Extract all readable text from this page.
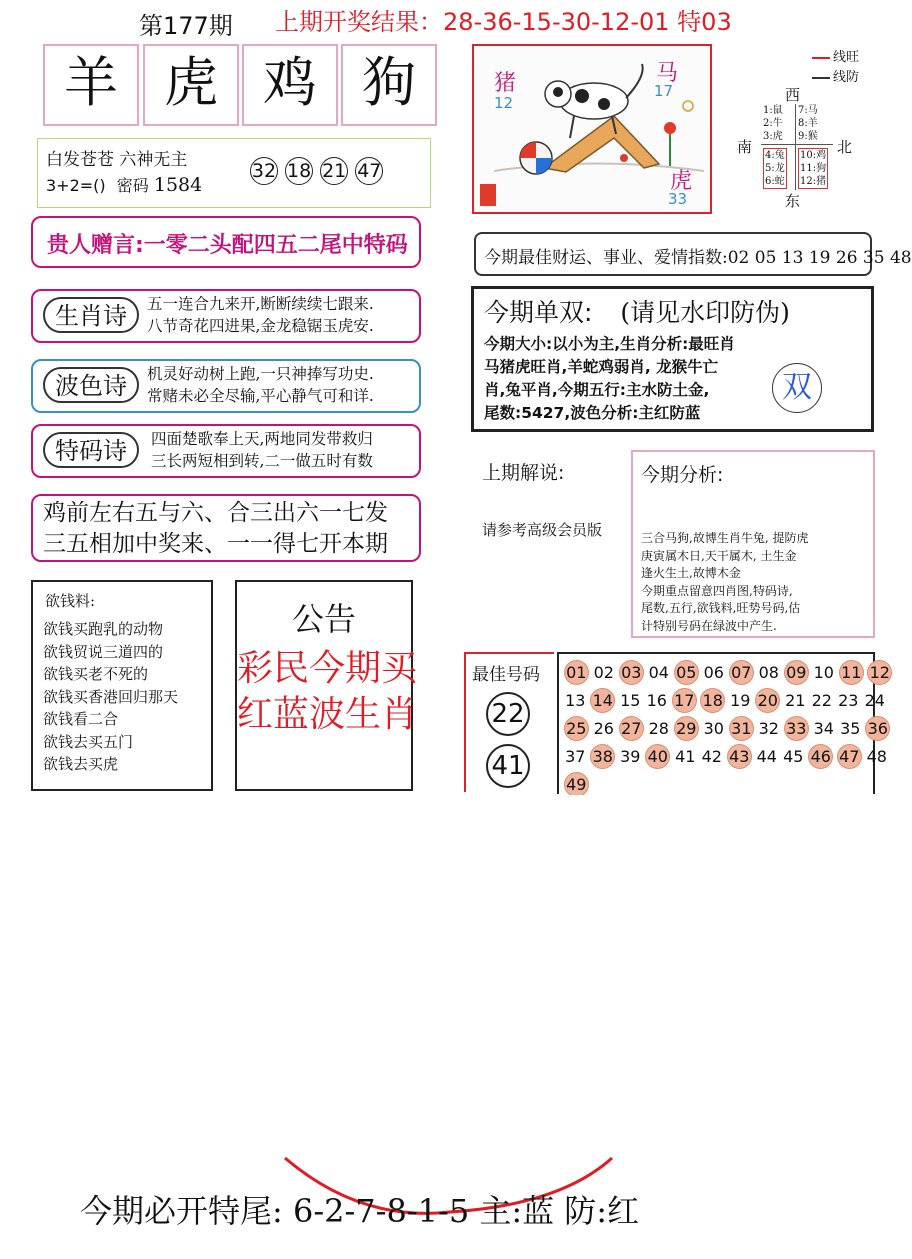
第177期 上期开奖结果：28-36-15-30-12-01 特03
羊 虎 鸡 狗
白发苍苍 六神无主
3+2=() 密码 1584
32 18 21 47
贵人赠言:一零二头配四五二尾中特码
生肖诗	五一连合九来开,断断续续七跟来.
八节奇花四进果,金龙稳锯玉虎安.
波色诗	机灵好动树上跑,一只神捧写功史.
常赌未必全尽输,平心静气可和详.
特码诗	四面楚歌奉上天,两地同发带救归
三长两短相到转,二一做五时有数
鸡前左右五与六、合三出六一七发
三五相加中奖来、一一得七开本期
欲钱料:
欲钱买跑乳的动物
欲钱贸说三道四的
欲钱买老不死的
欲钱买香港回归那天
欲钱看二合
欲钱去买五门
欲钱去买虎
公告
彩民今期买
红蓝波生肖
猪
12
马
17
虎
33
线旺
线防
西
南	北
东
1:鼠
2:牛
3:虎
7:马
8:羊
9:猴
4:兔
5:龙
6:蛇
10:鸡
11:狗
12:猪
今期最佳财运、事业、爱情指数:02 05 13 19 26 35 48
今期单双: (请见水印防伪)
今期大小:以小为主,生肖分析:最旺肖
马猪虎旺肖,羊蛇鸡弱肖, 龙猴牛亡
肖,兔平肖,今期五行:主水防土金,
尾数:5427,波色分析:主红防蓝
双
上期解说:
请参考高级会员版
今期分析:
三合马狗,故博生肖牛兔, 提防虎
庚寅属木日,天干属木, 土生金
逢火生土,故博木金
今期重点留意四肖图,特码诗,
尾数,五行,欲钱料,旺势号码,估
计特别号码在绿波中产生.
最佳号码
22
41
01 02 03 04 05 06 07 08 09 10 11 12
13 14 15 16 17 18 19 20 21 22 23 24
25 26 27 28 29 30 31 32 33 34 35 36
37 38 39 40 41 42 43 44 45 46 47 48
49
今期必开特尾: 6-2-7-8-1-5 主:蓝 防:红
